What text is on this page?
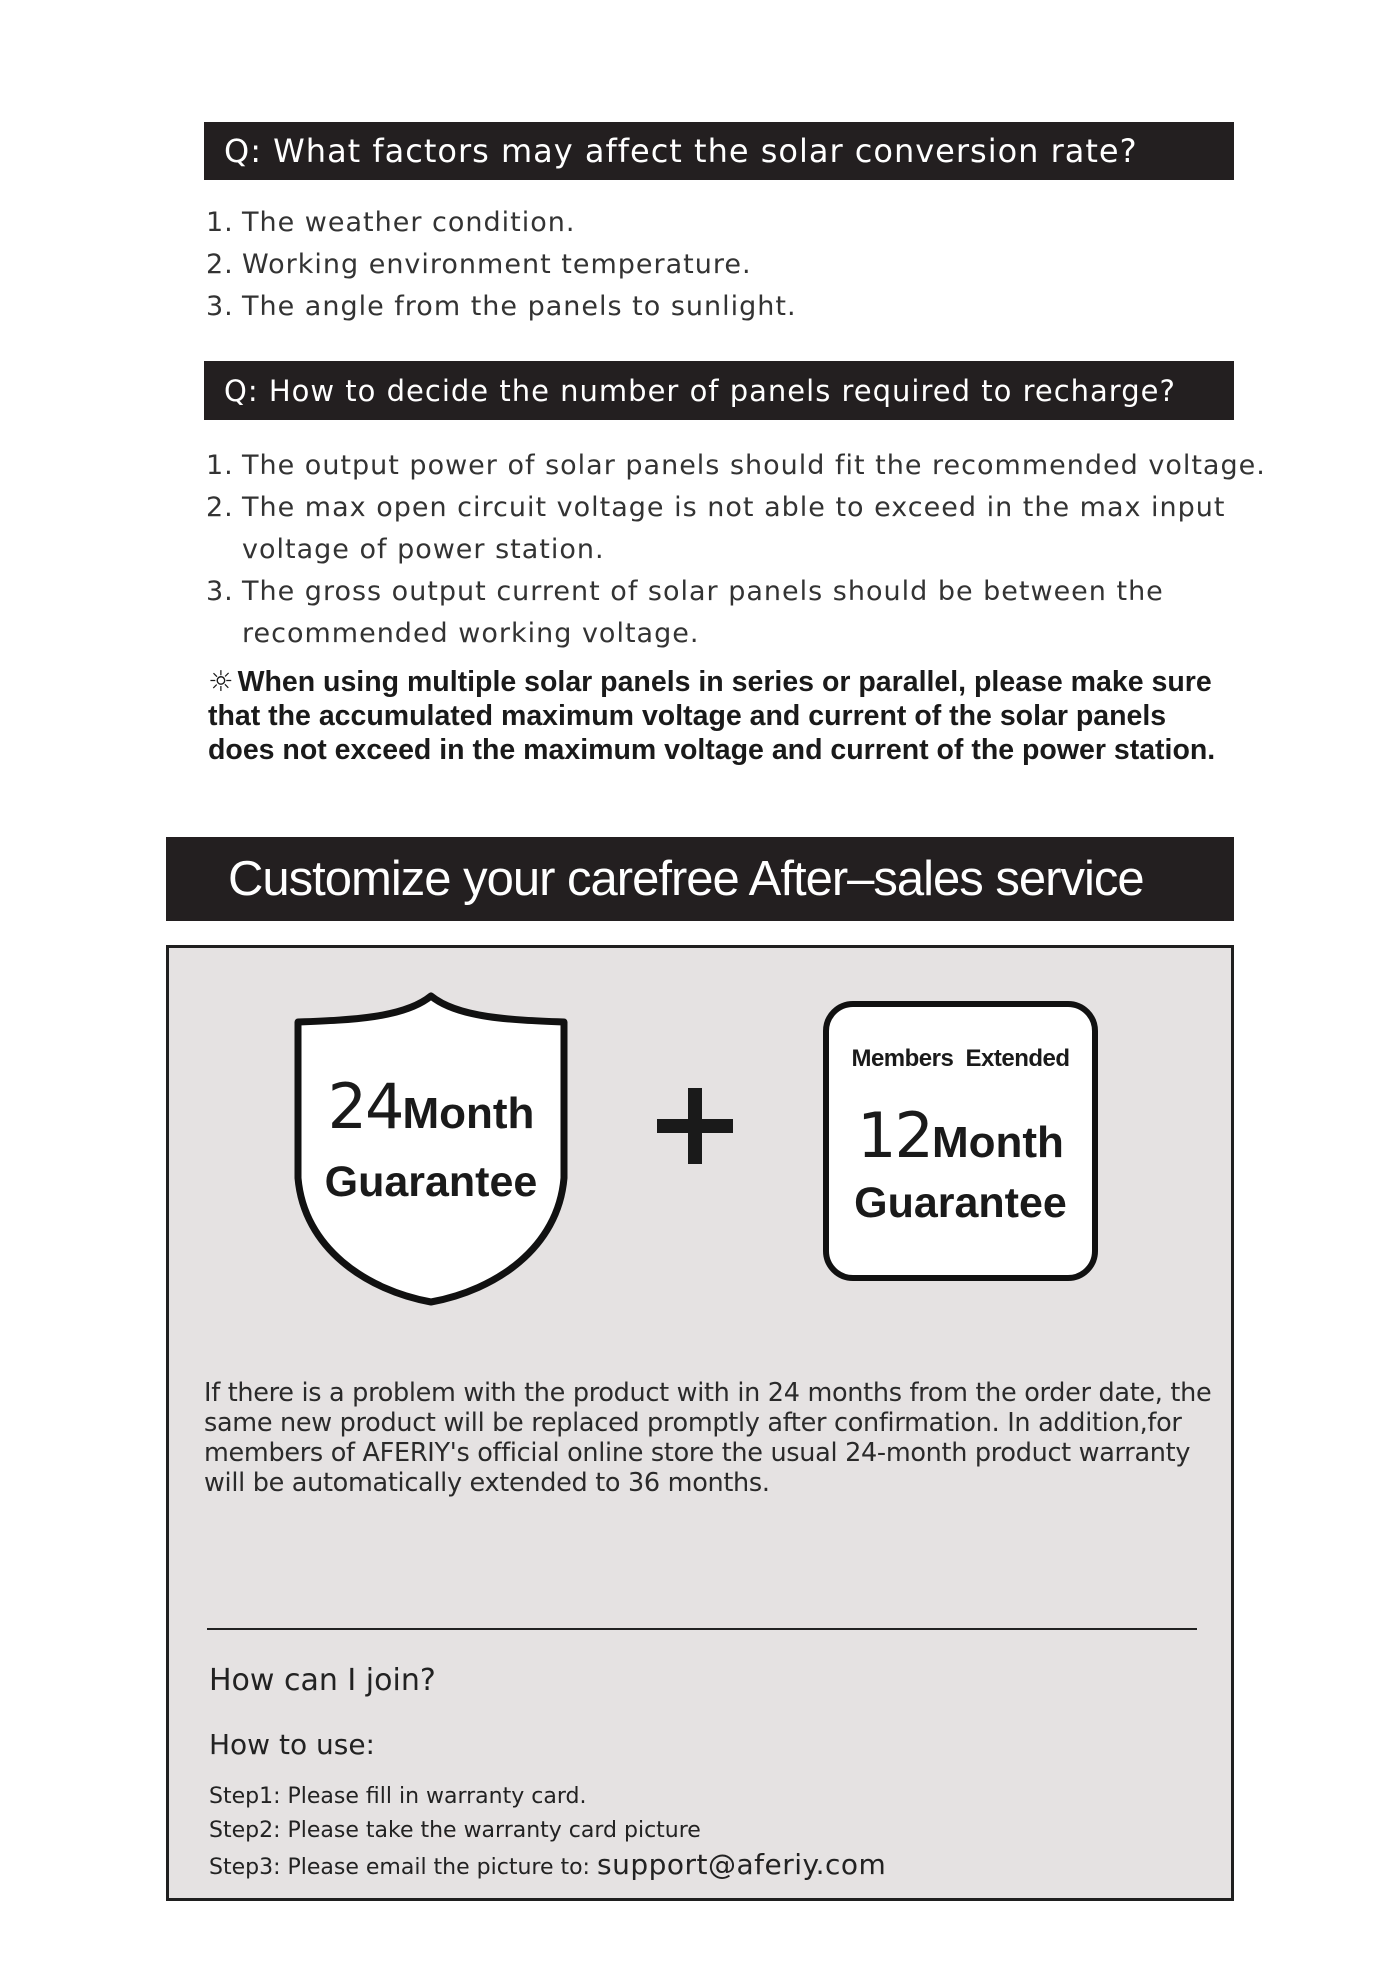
Q: What factors may affect the solar conversion rate?
1. The weather condition.
2. Working environment temperature.
3. The angle from the panels to sunlight.
Q: How to decide the number of panels required to recharge?
1. The output power of solar panels should fit the recommended voltage.
2. The max open circuit voltage is not able to exceed in the max input
voltage of power station.
3. The gross output current of solar panels should be between the
recommended working voltage.
☼ When using multiple solar panels in series or parallel, please make sure that the accumulated maximum voltage and current of the solar panels does not exceed in the maximum voltage and current of the power station.
Customize your carefree After–sales service
24Month
Guarantee
Members Extended
12Month
Guarantee
If there is a problem with the product with in 24 months from the order date, the same new product will be replaced promptly after confirmation. In addition,for members of AFERIY's official online store the usual 24-month product warranty will be automatically extended to 36 months.
How can I join?
How to use:
Step1: Please fill in warranty card.
Step2: Please take the warranty card picture
Step3: Please email the picture to: support@aferiy.com
